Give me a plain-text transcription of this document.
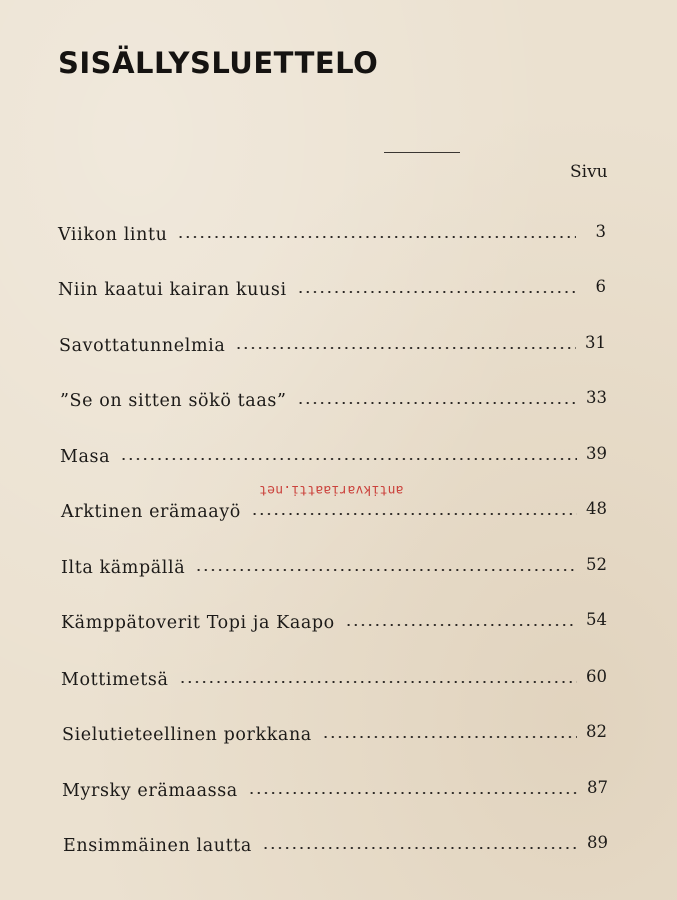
SISÄLLYSLUETTELO
Sivu
Viikon lintu	3
Niin kaatui kairan kuusi	6
Savottatunnelmia	31
”Se on sitten sökö taas”	33
Masa	39
Arktinen erämaayö	48
Ilta kämpällä	52
Kämppätoverit Topi ja Kaapo	54
Mottimetsä	60
Sielutieteellinen porkkana	82
Myrsky erämaassa	87
Ensimmäinen lautta	89
antikvariaatti.net
